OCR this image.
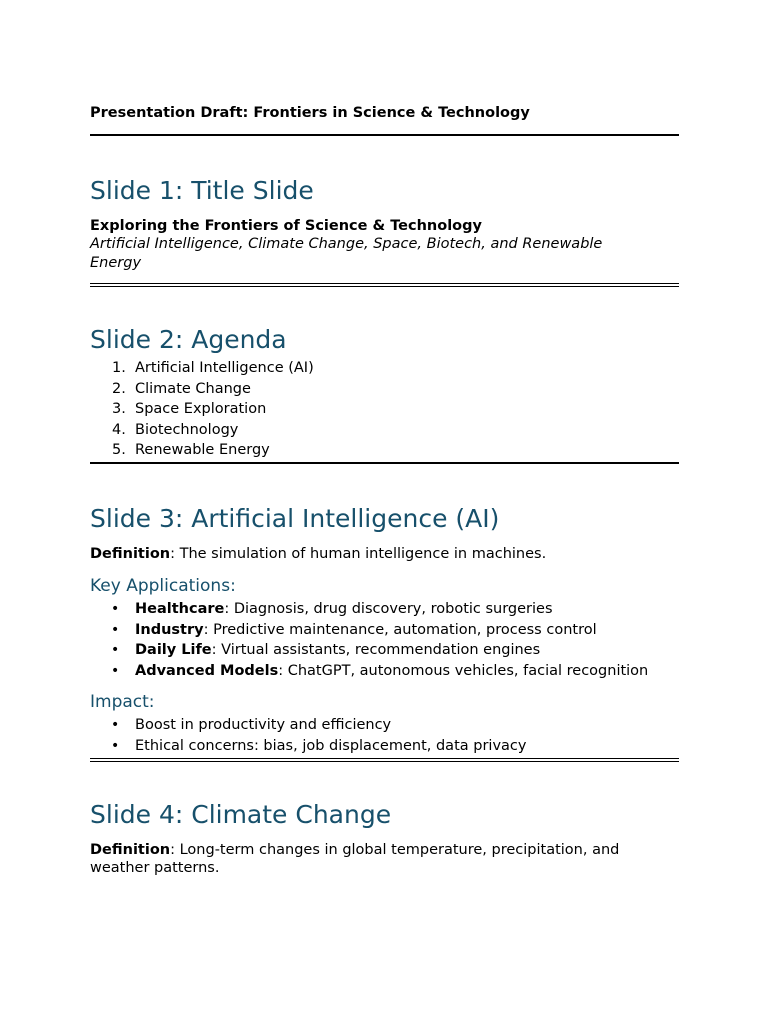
Presentation Draft: Frontiers in Science & Technology
Slide 1: Title Slide
Exploring the Frontiers of Science & Technology
Artificial Intelligence, Climate Change, Space, Biotech, and Renewable
Energy
Slide 2: Agenda
1. Artificial Intelligence (AI)
2. Climate Change
3. Space Exploration
4. Biotechnology
5. Renewable Energy
Slide 3: Artificial Intelligence (AI)
Definition: The simulation of human intelligence in machines.
Key Applications:
• Healthcare: Diagnosis, drug discovery, robotic surgeries
• Industry: Predictive maintenance, automation, process control
• Daily Life: Virtual assistants, recommendation engines
• Advanced Models: ChatGPT, autonomous vehicles, facial recognition
Impact:
• Boost in productivity and efficiency
• Ethical concerns: bias, job displacement, data privacy
Slide 4: Climate Change
Definition: Long-term changes in global temperature, precipitation, and
weather patterns.
